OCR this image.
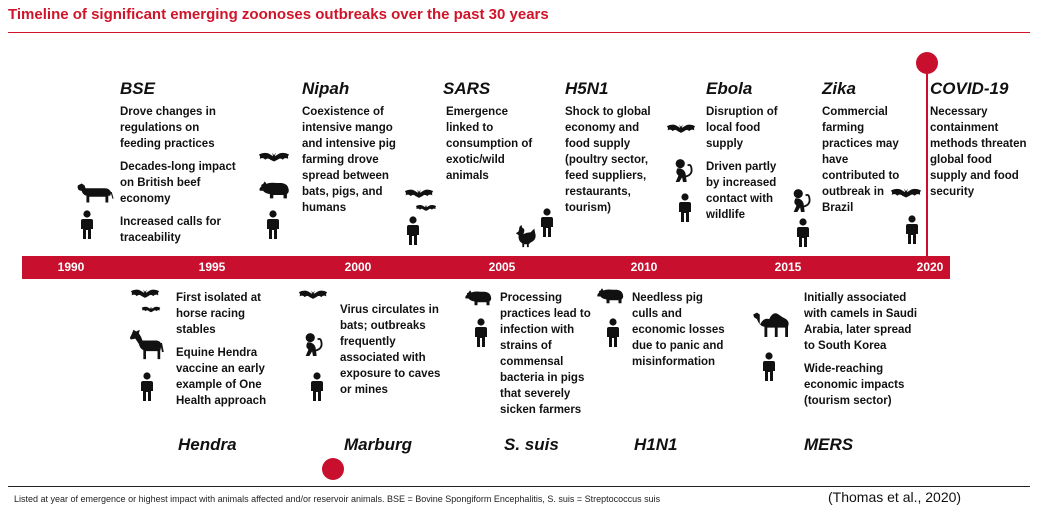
Timeline of significant emerging zoonoses outbreaks over the past 30 years
1990	1995	2000	2005	2010	2015	2020
BSE

Drove changes in regulations on feeding practices

Decades-long impact on British beef economy

Increased calls for traceability

Nipah

Coexistence of intensive mango and intensive pig farming drove spread between bats, pigs, and humans

SARS

Emergence linked to consumption of exotic/wild animals

H5N1

Shock to global economy and food supply (poultry sector, feed suppliers, restaurants, tourism)

Ebola

Disruption of local food supply

Driven partly by increased contact with wildlife

Zika

Commercial farming practices may have contributed to outbreak in Brazil

COVID-19

Necessary containment methods threaten global food supply and food security

First isolated at horse racing stables

Equine Hendra vaccine an early example of One Health approach

Hendra

Virus circulates in bats; outbreaks frequently associated with exposure to caves or mines

Marburg

Processing practices lead to infection with strains of commensal bacteria in pigs that severely sicken farmers

S. suis

Needless pig culls and economic losses due to panic and misinformation

H1N1

Initially associated with camels in Saudi Arabia, later spread to South Korea

Wide-reaching economic impacts (tourism sector)

MERS
Listed at year of emergence or highest impact with animals affected and/or reservoir animals. BSE = Bovine Spongiform Encephalitis, S. suis = Streptococcus suis	(Thomas et al., 2020)
